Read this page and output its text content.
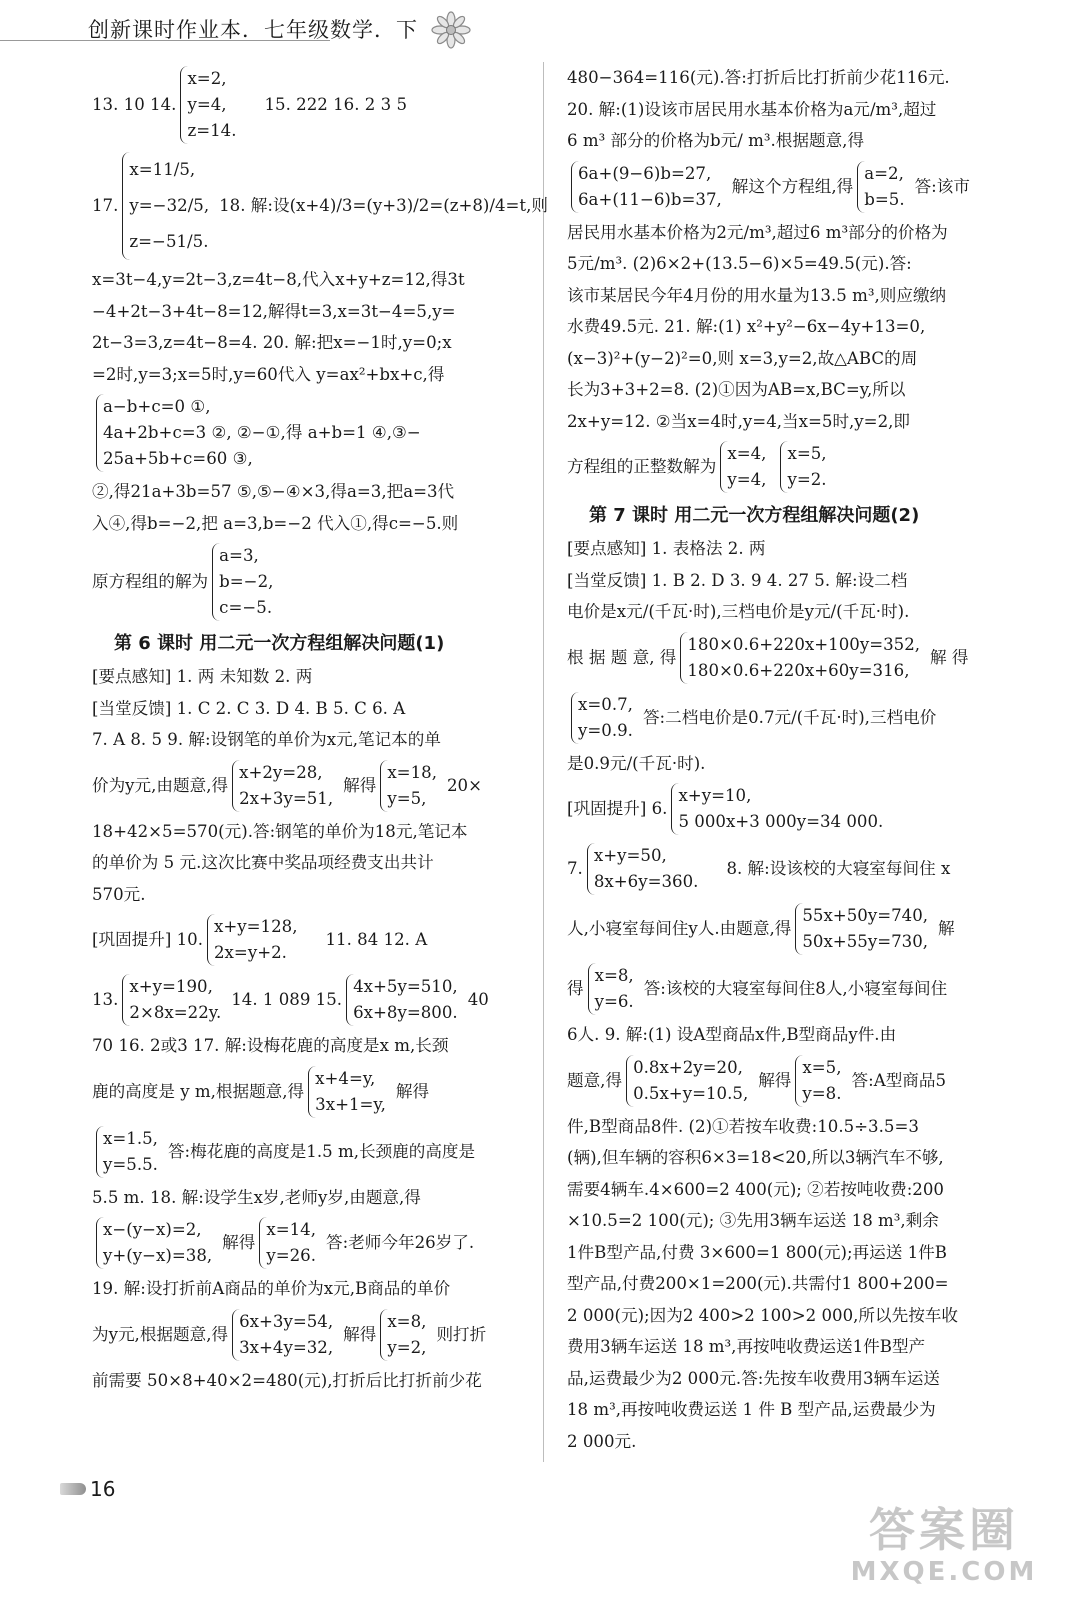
创新课时作业本．七年级数学．下
13. 10 14.
x=2,
y=4,
z=14.
15. 222 16. 2 3 5
17.
x=11/5,
y=−32/5,
z=−51/5.
18. 解:设(x+4)/3=(y+3)/2=(z+8)/4=t,则

x=3t−4,y=2t−3,z=4t−8,代入x+y+z=12,得3t
−4+2t−3+4t−8=12,解得t=3,x=3t−4=5,y=
2t−3=3,z=4t−8=4. 20. 解:把x=−1时,y=0;x
=2时,y=3;x=5时,y=60代入 y=ax²+bx+c,得

a−b+c=0 ①,
4a+2b+c=3 ②, ②−①,得 a+b=1 ④,③−
25a+5b+c=60 ③,

②,得21a+3b=57 ⑤,⑤−④×3,得a=3,把a=3代
入④,得b=−2,把 a=3,b=−2 代入①,得c=−5.则

原方程组的解为
a=3,
b=−2,
c=−5.
第 6 课时 用二元一次方程组解决问题(1)
[要点感知] 1. 两 未知数 2. 两
[当堂反馈] 1. C 2. C 3. D 4. B 5. C 6. A
7. A 8. 5 9. 解:设钢笔的单价为x元,笔记本的单
价为y元,由题意,得
x+2y=28,
2x+3y=51,
解得
x=18,
y=5,
20×

18+42×5=570(元).答:钢笔的单价为18元,笔记本
的单价为 5 元.这次比赛中奖品项经费支出共计
570元.

[巩固提升] 10.
x+y=128,
2x=y+2.
11. 84 12. A
13.
x+y=190,
2×8x=22y.
14. 1 089 15.
4x+5y=510,
6x+8y=800.
40
70 16. 2或3 17. 解:设梅花鹿的高度是x m,长颈
鹿的高度是 y m,根据题意,得
x+4=y,
3x+1=y,
解得
x=1.5,
y=5.5.
答:梅花鹿的高度是1.5 m,长颈鹿的高度是
5.5 m. 18. 解:设学生x岁,老师y岁,由题意,得
x−(y−x)=2,
y+(y−x)=38,
解得
x=14,
y=26.
答:老师今年26岁了.
19. 解:设打折前A商品的单价为x元,B商品的单价
为y元,根据题意,得
6x+3y=54,
3x+4y=32,
解得
x=8,
y=2,
则打折
前需要 50×8+40×2=480(元),打折后比打折前少花

480−364=116(元).答:打折后比打折前少花116元.
20. 解:(1)设该市居民用水基本价格为a元/m³,超过
6 m³ 部分的价格为b元/ m³.根据题意,得

6a+(9−6)b=27,
6a+(11−6)b=37,
解这个方程组,得
a=2,
b=5.
答:该市

居民用水基本价格为2元/m³,超过6 m³部分的价格为
5元/m³. (2)6×2+(13.5−6)×5=49.5(元).答:
该市某居民今年4月份的用水量为13.5 m³,则应缴纳
水费49.5元. 21. 解:(1) x²+y²−6x−4y+13=0,
(x−3)²+(y−2)²=0,则 x=3,y=2,故△ABC的周
长为3+3+2=8. (2)①因为AB=x,BC=y,所以
2x+y=12. ②当x=4时,y=4,当x=5时,y=2,即

方程组的正整数解为
x=4,
y=4,
x=5,
y=2.
第 7 课时 用二元一次方程组解决问题(2)
[要点感知] 1. 表格法 2. 两
[当堂反馈] 1. B 2. D 3. 9 4. 27 5. 解:设二档
电价是x元/(千瓦·时),三档电价是y元/(千瓦·时).
根 据 题 意, 得
180×0.6+220x+100y=352,
180×0.6+220x+60y=316,
解 得
x=0.7,
y=0.9.
答:二档电价是0.7元/(千瓦·时),三档电价
是0.9元/(千瓦·时).
[巩固提升] 6.
x+y=10,
5 000x+3 000y=34 000.
7.
x+y=50,
8x+6y=360.
8. 解:设该校的大寝室每间住 x
人,小寝室每间住y人.由题意,得
55x+50y=740,
50x+55y=730,
解
得
x=8,
y=6.
答:该校的大寝室每间住8人,小寝室每间住
6人. 9. 解:(1) 设A型商品x件,B型商品y件.由
题意,得
0.8x+2y=20,
0.5x+y=10.5,
解得
x=5,
y=8.
答:A型商品5

件,B型商品8件. (2)①若按车收费:10.5÷3.5=3
(辆),但车辆的容积6×3=18<20,所以3辆汽车不够,
需要4辆车.4×600=2 400(元); ②若按吨收费:200
×10.5=2 100(元); ③先用3辆车运送 18 m³,剩余
1件B型产品,付费 3×600=1 800(元);再运送 1件B
型产品,付费200×1=200(元).共需付1 800+200=
2 000(元);因为2 400>2 100>2 000,所以先按车收
费用3辆车运送 18 m³,再按吨收费运送1件B型产
品,运费最少为2 000元.答:先按车收费用3辆车运送
18 m³,再按吨收费运送 1 件 B 型产品,运费最少为
2 000元.

16
答案圈
MXQE.COM
